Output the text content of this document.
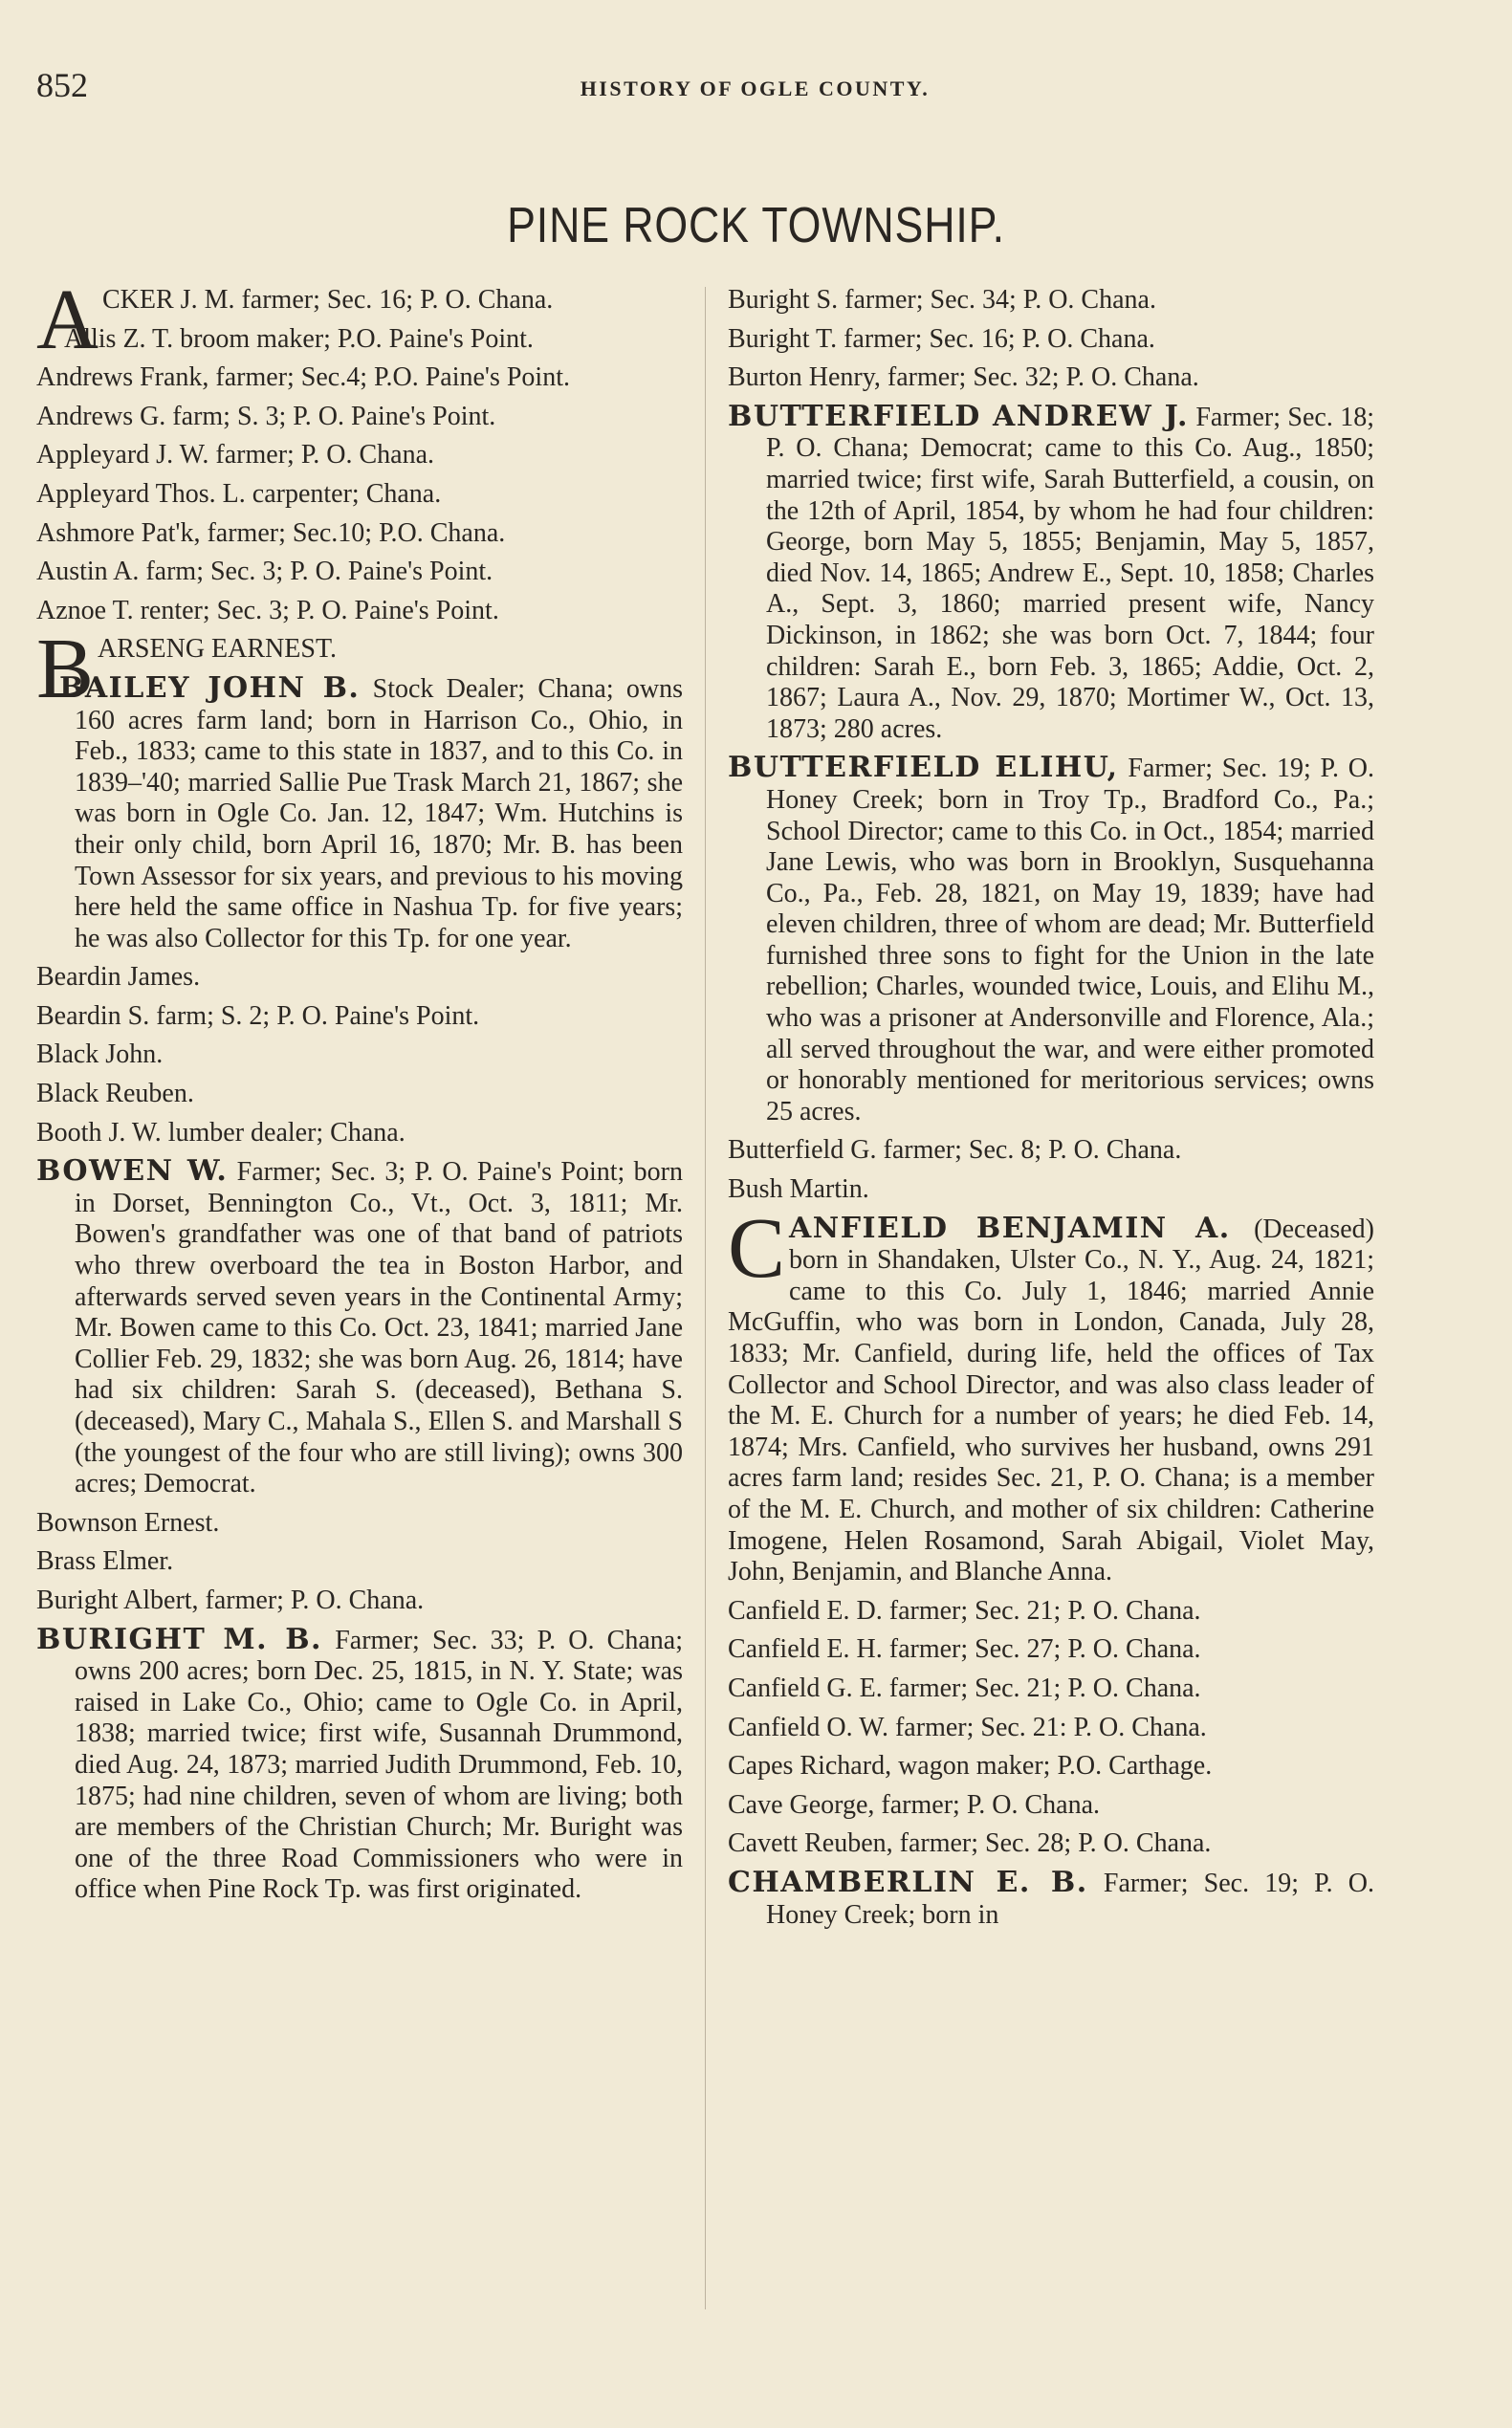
852	HISTORY OF OGLE COUNTY.
PINE ROCK TOWNSHIP.

ACKER J. M. farmer; Sec. 16; P. O. Chana.

Allis Z. T. broom maker; P.O. Paine's Point.

Andrews Frank, farmer; Sec.4; P.O. Paine's Point.

Andrews G. farm; S. 3; P. O. Paine's Point.

Appleyard J. W. farmer; P. O. Chana.

Appleyard Thos. L. carpenter; Chana.

Ashmore Pat'k, farmer; Sec.10; P.O. Chana.

Austin A. farm; Sec. 3; P. O. Paine's Point.

Aznoe T. renter; Sec. 3; P. O. Paine's Point.

BARSENG EARNEST.

BAILEY JOHN B. Stock Dealer; Chana; owns 160 acres farm land; born in Harrison Co., Ohio, in Feb., 1833; came to this state in 1837, and to this Co. in 1839–'40; married Sallie Pue Trask March 21, 1867; she was born in Ogle Co. Jan. 12, 1847; Wm. Hutchins is their only child, born April 16, 1870; Mr. B. has been Town Assessor for six years, and previous to his moving here held the same office in Nashua Tp. for five years; he was also Collector for this Tp. for one year.

Beardin James.

Beardin S. farm; S. 2; P. O. Paine's Point.

Black John.

Black Reuben.

Booth J. W. lumber dealer; Chana.

BOWEN W. Farmer; Sec. 3; P. O. Paine's Point; born in Dorset, Bennington Co., Vt., Oct. 3, 1811; Mr. Bowen's grandfather was one of that band of patriots who threw overboard the tea in Boston Harbor, and afterwards served seven years in the Continental Army; Mr. Bowen came to this Co. Oct. 23, 1841; married Jane Collier Feb. 29, 1832; she was born Aug. 26, 1814; have had six children: Sarah S. (deceased), Bethana S. (deceased), Mary C., Mahala S., Ellen S. and Marshall S (the youngest of the four who are still living); owns 300 acres; Democrat.

Bownson Ernest.

Brass Elmer.

Buright Albert, farmer; P. O. Chana.

BURIGHT M. B. Farmer; Sec. 33; P. O. Chana; owns 200 acres; born Dec. 25, 1815, in N. Y. State; was raised in Lake Co., Ohio; came to Ogle Co. in April, 1838; married twice; first wife, Susannah Drummond, died Aug. 24, 1873; married Judith Drummond, Feb. 10, 1875; had nine children, seven of whom are living; both are members of the Christian Church; Mr. Buright was one of the three Road Commissioners who were in office when Pine Rock Tp. was first originated.

Buright S. farmer; Sec. 34; P. O. Chana.

Buright T. farmer; Sec. 16; P. O. Chana.

Burton Henry, farmer; Sec. 32; P. O. Chana.

BUTTERFIELD ANDREW J. Farmer; Sec. 18; P. O. Chana; Democrat; came to this Co. Aug., 1850; married twice; first wife, Sarah Butterfield, a cousin, on the 12th of April, 1854, by whom he had four children: George, born May 5, 1855; Benjamin, May 5, 1857, died Nov. 14, 1865; Andrew E., Sept. 10, 1858; Charles A., Sept. 3, 1860; married present wife, Nancy Dickinson, in 1862; she was born Oct. 7, 1844; four children: Sarah E., born Feb. 3, 1865; Addie, Oct. 2, 1867; Laura A., Nov. 29, 1870; Mortimer W., Oct. 13, 1873; 280 acres.

BUTTERFIELD ELIHU, Farmer; Sec. 19; P. O. Honey Creek; born in Troy Tp., Bradford Co., Pa.; School Director; came to this Co. in Oct., 1854; married Jane Lewis, who was born in Brooklyn, Susquehanna Co., Pa., Feb. 28, 1821, on May 19, 1839; have had eleven children, three of whom are dead; Mr. Butterfield furnished three sons to fight for the Union in the late rebellion; Charles, wounded twice, Louis, and Elihu M., who was a prisoner at Andersonville and Florence, Ala.; all served throughout the war, and were either promoted or honorably mentioned for meritorious services; owns 25 acres.

Butterfield G. farmer; Sec. 8; P. O. Chana.

Bush Martin.

CANFIELD BENJAMIN A. (Deceased) born in Shandaken, Ulster Co., N. Y., Aug. 24, 1821; came to this Co. July 1, 1846; married Annie McGuffin, who was born in London, Canada, July 28, 1833; Mr. Canfield, during life, held the offices of Tax Collector and School Director, and was also class leader of the M. E. Church for a number of years; he died Feb. 14, 1874; Mrs. Canfield, who survives her husband, owns 291 acres farm land; resides Sec. 21, P. O. Chana; is a member of the M. E. Church, and mother of six children: Catherine Imogene, Helen Rosamond, Sarah Abigail, Violet May, John, Benjamin, and Blanche Anna.

Canfield E. D. farmer; Sec. 21; P. O. Chana.

Canfield E. H. farmer; Sec. 27; P. O. Chana.

Canfield G. E. farmer; Sec. 21; P. O. Chana.

Canfield O. W. farmer; Sec. 21: P. O. Chana.

Capes Richard, wagon maker; P.O. Carthage.

Cave George, farmer; P. O. Chana.

Cavett Reuben, farmer; Sec. 28; P. O. Chana.

CHAMBERLIN E. B. Farmer; Sec. 19; P. O. Honey Creek; born in
